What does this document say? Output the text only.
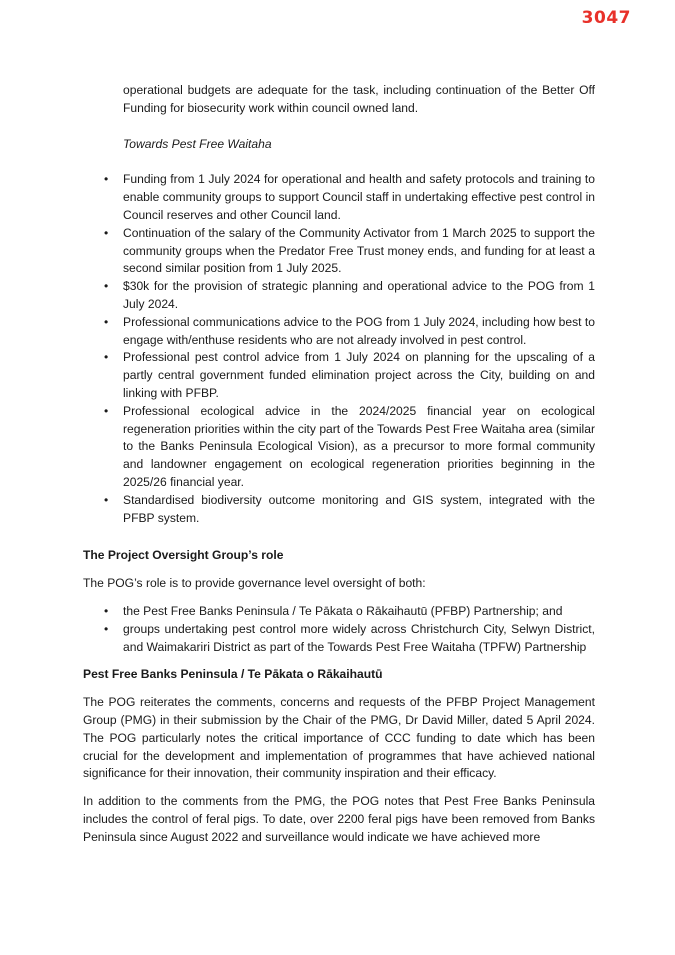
3047

operational budgets are adequate for the task, including continuation of the Better Off Funding for biosecurity work within council owned land.

Towards Pest Free Waitaha

• Funding from 1 July 2024 for operational and health and safety protocols and training to enable community groups to support Council staff in undertaking effective pest control in Council reserves and other Council land.
• Continuation of the salary of the Community Activator from 1 March 2025 to support the community groups when the Predator Free Trust money ends, and funding for at least a second similar position from 1 July 2025.
• $30k for the provision of strategic planning and operational advice to the POG from 1 July 2024.
• Professional communications advice to the POG from 1 July 2024, including how best to engage with/enthuse residents who are not already involved in pest control.
• Professional pest control advice from 1 July 2024 on planning for the upscaling of a partly central government funded elimination project across the City, building on and linking with PFBP.
• Professional ecological advice in the 2024/2025 financial year on ecological regeneration priorities within the city part of the Towards Pest Free Waitaha area (similar to the Banks Peninsula Ecological Vision), as a precursor to more formal community and landowner engagement on ecological regeneration priorities beginning in the 2025/26 financial year.
• Standardised biodiversity outcome monitoring and GIS system, integrated with the PFBP system.

The Project Oversight Group’s role

The POG’s role is to provide governance level oversight of both:

• the Pest Free Banks Peninsula / Te Pākata o Rākaihautū (PFBP) Partnership; and
• groups undertaking pest control more widely across Christchurch City, Selwyn District, and Waimakariri District as part of the Towards Pest Free Waitaha (TPFW) Partnership

Pest Free Banks Peninsula / Te Pākata o Rākaihautū

The POG reiterates the comments, concerns and requests of the PFBP Project Management Group (PMG) in their submission by the Chair of the PMG, Dr David Miller, dated 5 April 2024. The POG particularly notes the critical importance of CCC funding to date which has been crucial for the development and implementation of programmes that have achieved national significance for their innovation, their community inspiration and their efficacy.

In addition to the comments from the PMG, the POG notes that Pest Free Banks Peninsula includes the control of feral pigs. To date, over 2200 feral pigs have been removed from Banks Peninsula since August 2022 and surveillance would indicate we have achieved more
